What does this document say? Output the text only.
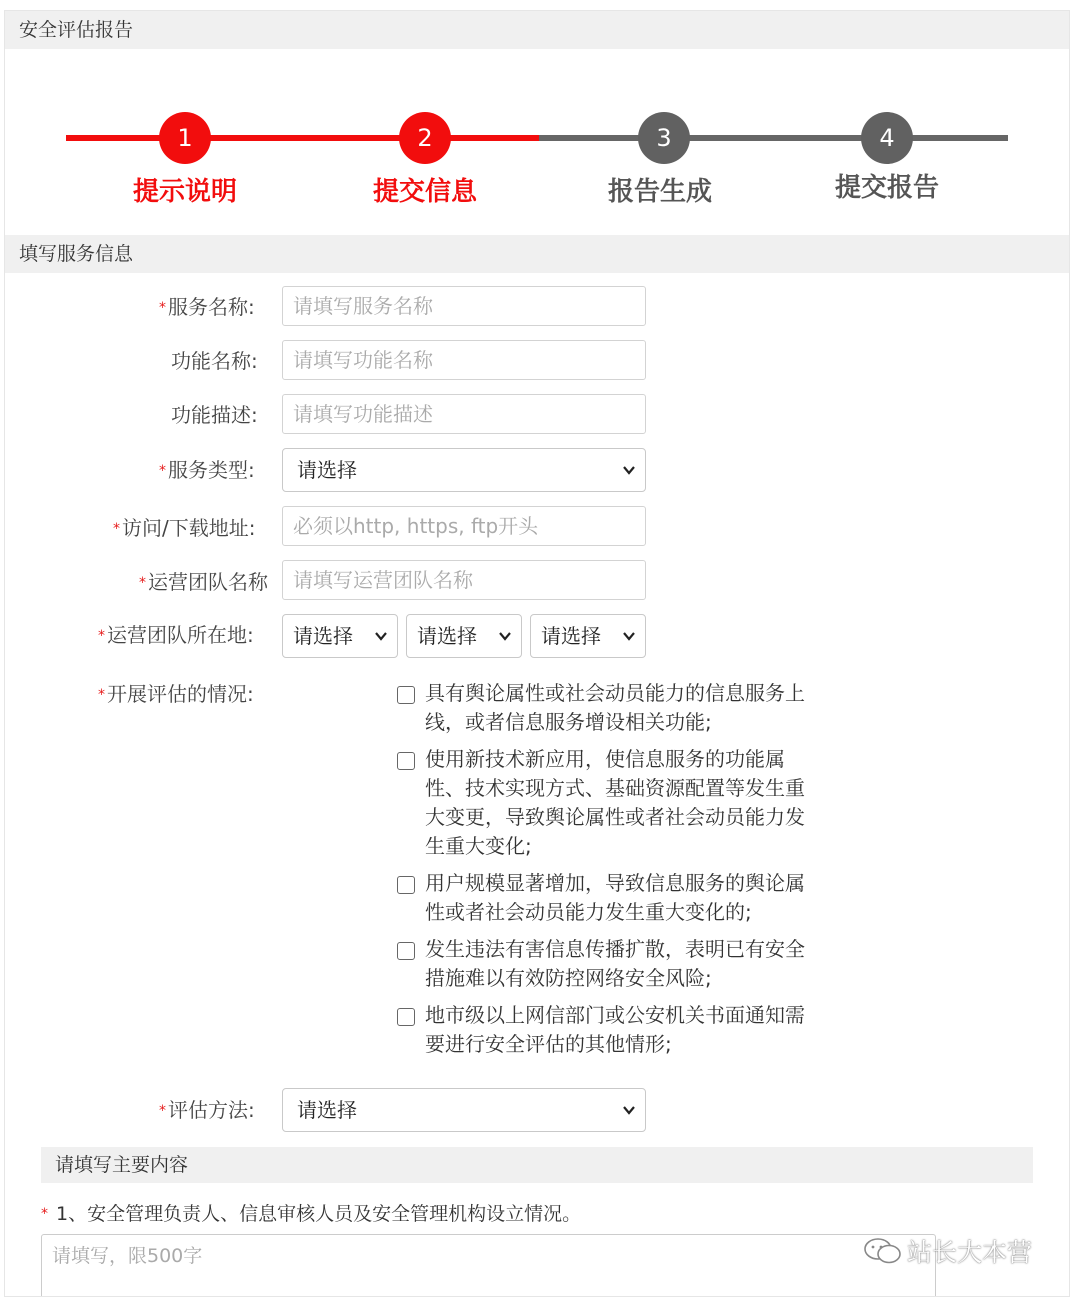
安全评估报告
1	2	3	4
提示说明	提交信息	报告生成	提交报告
填写服务信息
* 服务名称:	请填写服务名称
功能名称:	请填写功能名称
功能描述:	请填写功能描述
* 服务类型:	请选择
* 访问/下载地址:	必须以http, https, ftp开头
* 运营团队名称	请填写运营团队名称
* 运营团队所在地:	请选择	请选择	请选择
* 开展评估的情况:	具有舆论属性或社会动员能力的信息服务上线，或者信息服务增设相关功能;
使用新技术新应用，使信息服务的功能属性、技术实现方式、基础资源配置等发生重大变更，导致舆论属性或者社会动员能力发生重大变化;
用户规模显著增加，导致信息服务的舆论属性或者社会动员能力发生重大变化的;
发生违法有害信息传播扩散，表明已有安全措施难以有效防控网络安全风险;
地市级以上网信部门或公安机关书面通知需要进行安全评估的其他情形;
* 评估方法:	请选择
请填写主要内容
* 1、安全管理负责人、信息审核人员及安全管理机构设立情况。
请填写，限500字	站长大本营
